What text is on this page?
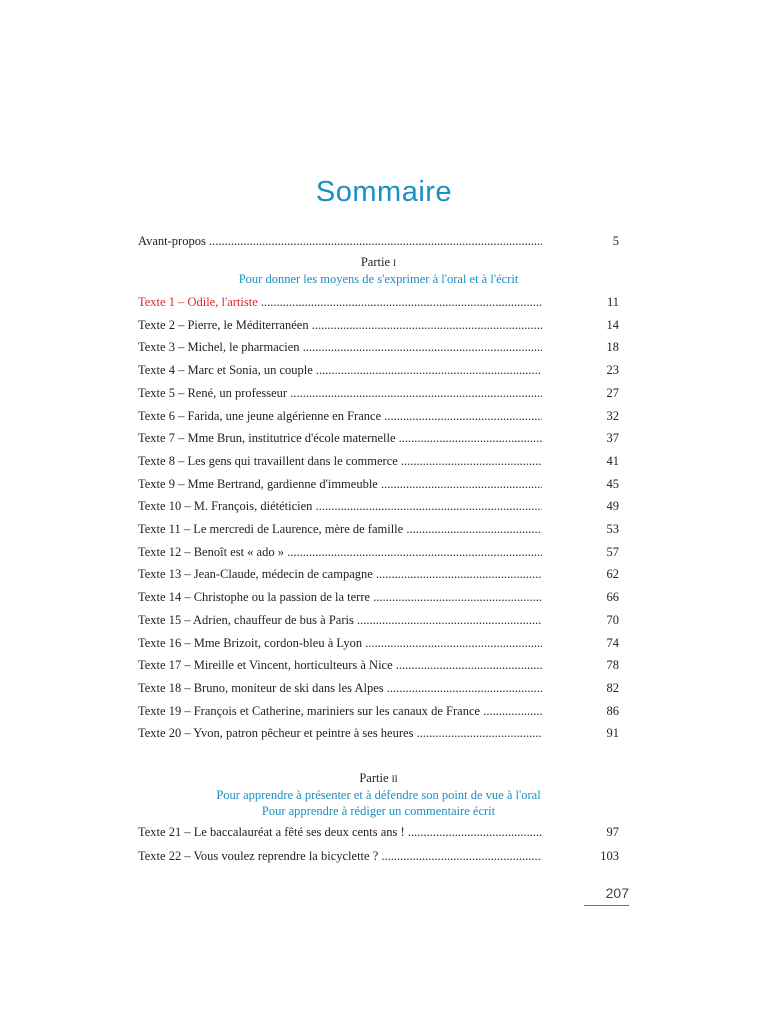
Sommaire
Avant-propos .....	5
Partie I
Pour donner les moyens de s'exprimer à l'oral et à l'écrit
Texte 1 – Odile, l'artiste .....	11
Texte 2 – Pierre, le Méditerranéen .....	14
Texte 3 – Michel, le pharmacien .....	18
Texte 4 – Marc et Sonia, un couple .....	23
Texte 5 – René, un professeur .....	27
Texte 6 – Farida, une jeune algérienne en France .....	32
Texte 7 – Mme Brun, institutrice d'école maternelle .....	37
Texte 8 – Les gens qui travaillent dans le commerce .....	41
Texte 9 – Mme Bertrand, gardienne d'immeuble .....	45
Texte 10 – M. François, diététicien .....	49
Texte 11 – Le mercredi de Laurence, mère de famille .....	53
Texte 12 – Benoît est « ado » .....	57
Texte 13 – Jean-Claude, médecin de campagne .....	62
Texte 14 – Christophe ou la passion de la terre .....	66
Texte 15 – Adrien, chauffeur de bus à Paris .....	70
Texte 16 – Mme Brizoit, cordon-bleu à Lyon .....	74
Texte 17 – Mireille et Vincent, horticulteurs à Nice .....	78
Texte 18 – Bruno, moniteur de ski dans les Alpes .....	82
Texte 19 – François et Catherine, mariniers sur les canaux de France .....	86
Texte 20 – Yvon, patron pêcheur et peintre à ses heures .....	91
Partie II
Pour apprendre à présenter et à défendre son point de vue à l'oral
Pour apprendre à rédiger un commentaire écrit
Texte 21 – Le baccalauréat a fêté ses deux cents ans ! .....	97
Texte 22 – Vous voulez reprendre la bicyclette ? .....	103
207
